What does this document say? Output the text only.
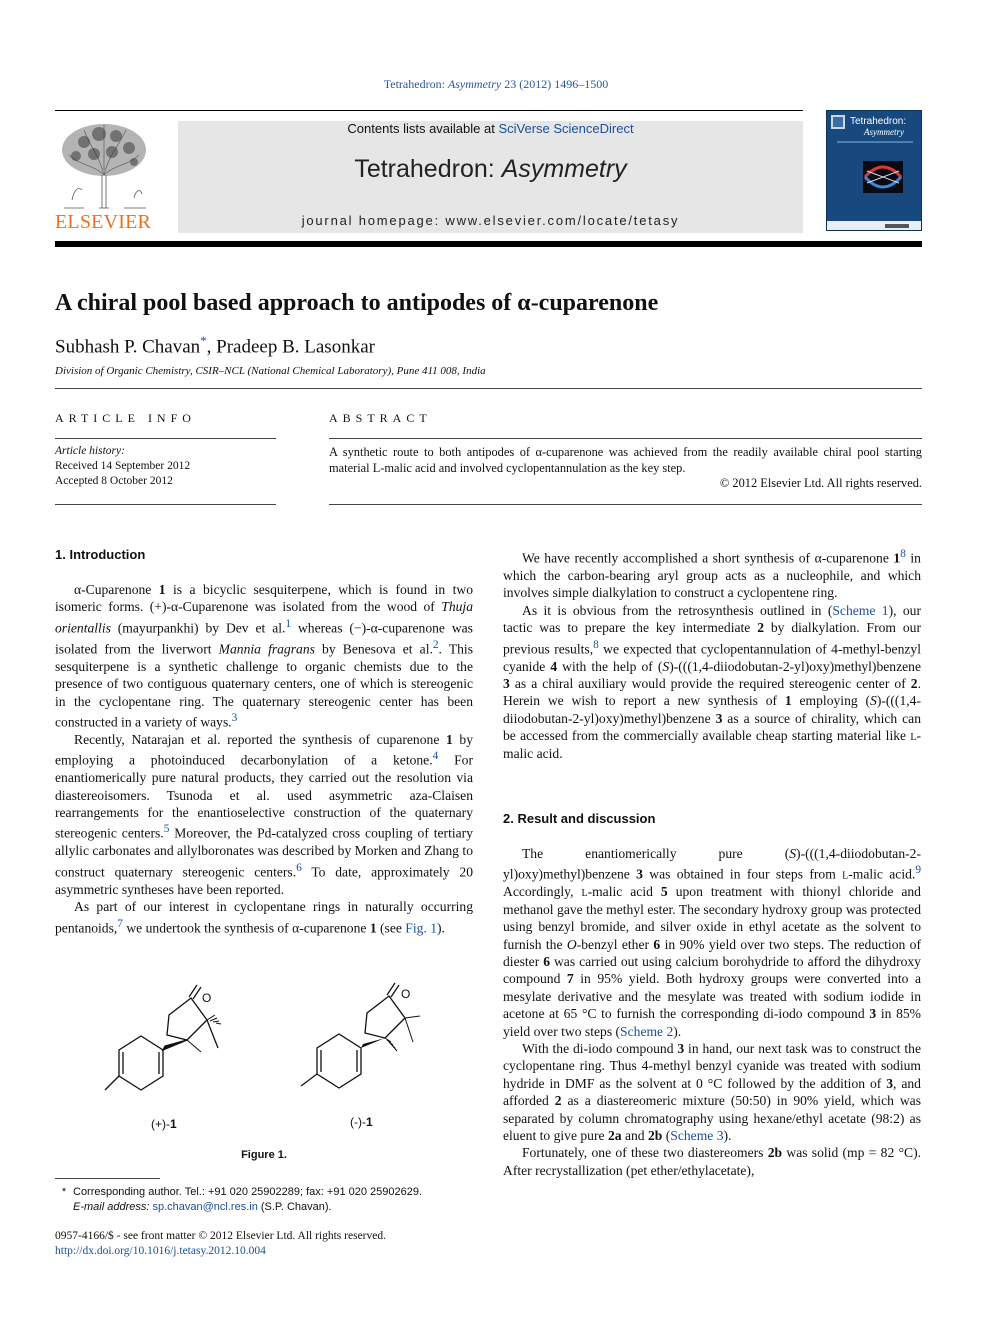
Tetrahedron: Asymmetry 23 (2012) 1496–1500
ELSEVIER
Contents lists available at SciVerse ScienceDirect
Tetrahedron: Asymmetry
journal homepage: www.elsevier.com/locate/tetasy
Tetrahedron:
Asymmetry
A chiral pool based approach to antipodes of α-cuparenone
Subhash P. Chavan*, Pradeep B. Lasonkar
Division of Organic Chemistry, CSIR–NCL (National Chemical Laboratory), Pune 411 008, India
ARTICLE INFO	ABSTRACT
Article history:
Received 14 September 2012
Accepted 8 October 2012
A synthetic route to both antipodes of α-cuparenone was achieved from the readily available chiral pool starting material L-malic acid and involved cyclopentannulation as the key step.
© 2012 Elsevier Ltd. All rights reserved.
1. Introduction

α-Cuparenone 1 is a bicyclic sesquiterpene, which is found in two isomeric forms. (+)-α-Cuparenone was isolated from the wood of Thuja orientallis (mayurpankhi) by Dev et al.$^1$ whereas (−)-α-cuparenone was isolated from the liverwort Mannia fragrans by Benesova et al.$^2$. This sesquiterpene is a synthetic challenge to organic chemists due to the presence of two contiguous quaternary centers, one of which is stereogenic in the cyclopentane ring. The quaternary stereogenic center has been constructed in a variety of ways.$^3$

Recently, Natarajan et al. reported the synthesis of cuparenone 1 by employing a photoinduced decarbonylation of a ketone.$^4$ For enantiomerically pure natural products, they carried out the resolution via diastereoisomers. Tsunoda et al. used asymmetric aza-Claisen rearrangements for the enantioselective construction of the quaternary stereogenic centers.$^5$ Moreover, the Pd-catalyzed cross coupling of tertiary allylic carbonates and allylboronates was described by Morken and Zhang to construct quaternary stereogenic centers.$^6$ To date, approximately 20 asymmetric syntheses have been reported.

As part of our interest in cyclopentane rings in naturally occurring pentanoids,$^7$ we undertook the synthesis of α-cuparenone 1 (see Fig. 1).

O	O
(+)-1	(-)-1
Figure 1.

We have recently accomplished a short synthesis of α-cuparenone $1^8$ in which the carbon-bearing aryl group acts as a nucleophile, and which involves simple dialkylation to construct a cyclopentene ring.

As it is obvious from the retrosynthesis outlined in (Scheme 1), our tactic was to prepare the key intermediate 2 by dialkylation. From our previous results,$^8$ we expected that cyclopentannulation of 4-methyl-benzyl cyanide 4 with the help of (S)-(((1,4-diiodobutan-2-yl)oxy)methyl)benzene 3 as a chiral auxiliary would provide the required stereogenic center of 2. Herein we wish to report a new synthesis of 1 employing (S)-(((1,4-diiodobutan-2-yl)oxy)methyl)benzene 3 as a source of chirality, which can be accessed from the commercially available cheap starting material like l-malic acid.

2. Result and discussion

The enantiomerically pure (S)-(((1,4-diiodobutan-2-yl)oxy)methyl)benzene 3 was obtained in four steps from l-malic acid.$^9$ Accordingly, l-malic acid 5 upon treatment with thionyl chloride and methanol gave the methyl ester. The secondary hydroxy group was protected using benzyl bromide, and silver oxide in ethyl acetate as the solvent to furnish the O-benzyl ether 6 in 90% yield over two steps. The reduction of diester 6 was carried out using calcium borohydride to afford the dihydroxy compound 7 in 95% yield. Both hydroxy groups were converted into a mesylate derivative and the mesylate was treated with sodium iodide in acetone at 65 °C to furnish the corresponding di-iodo compound 3 in 85% yield over two steps (Scheme 2).

With the di-iodo compound 3 in hand, our next task was to construct the cyclopentane ring. Thus 4-methyl benzyl cyanide was treated with sodium hydride in DMF as the solvent at 0 °C followed by the addition of 3, and afforded 2 as a diastereomeric mixture (50:50) in 90% yield, which was separated by column chromatography using hexane/ethyl acetate (98:2) as eluent to give pure 2a and 2b (Scheme 3).

Fortunately, one of these two diastereomers 2b was solid (mp = 82 °C). After recrystallization (pet ether/ethylacetate),

* Corresponding author. Tel.: +91 020 25902289; fax: +91 020 25902629.
E-mail address: sp.chavan@ncl.res.in (S.P. Chavan).
0957-4166/$ - see front matter © 2012 Elsevier Ltd. All rights reserved.
http://dx.doi.org/10.1016/j.tetasy.2012.10.004
